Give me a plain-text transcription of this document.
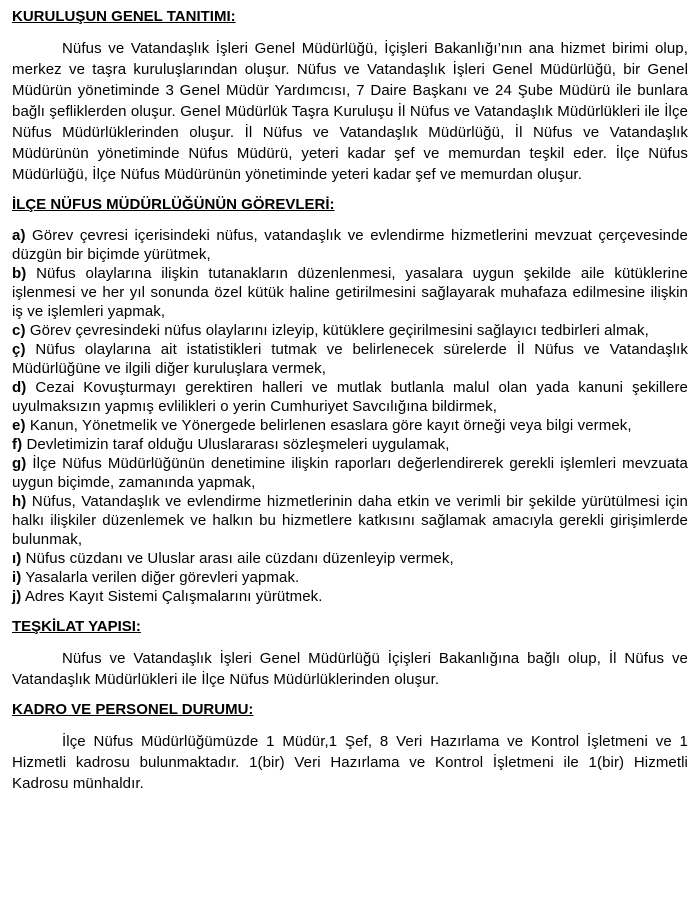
KURULUŞUN GENEL TANITIMI:

Nüfus ve Vatandaşlık İşleri Genel Müdürlüğü, İçişleri Bakanlığı’nın ana hizmet birimi olup, merkez ve taşra kuruluşlarından oluşur. Nüfus ve Vatandaşlık İşleri Genel Müdürlüğü, bir Genel Müdürün yönetiminde 3 Genel Müdür Yardımcısı, 7 Daire Başkanı ve 24 Şube Müdürü ile bunlara bağlı şefliklerden oluşur. Genel Müdürlük Taşra Kuruluşu İl Nüfus ve Vatandaşlık Müdürlükleri ile İlçe Nüfus Müdürlüklerinden oluşur. İl Nüfus ve Vatandaşlık Müdürlüğü, İl Nüfus ve Vatandaşlık Müdürünün yönetiminde Nüfus Müdürü, yeteri kadar şef ve memurdan teşkil eder. İlçe Nüfus Müdürlüğü, İlçe Nüfus Müdürünün yönetiminde yeteri kadar şef ve memurdan oluşur.

İLÇE NÜFUS MÜDÜRLÜĞÜNÜN GÖREVLERİ:

a) Görev çevresi içerisindeki nüfus, vatandaşlık ve evlendirme hizmetlerini mevzuat çerçevesinde düzgün bir biçimde yürütmek,

b) Nüfus olaylarına ilişkin tutanakların düzenlenmesi, yasalara uygun şekilde aile kütüklerine işlenmesi ve her yıl sonunda özel kütük haline getirilmesini sağlayarak muhafaza edilmesine ilişkin iş ve işlemleri yapmak,

c) Görev çevresindeki nüfus olaylarını izleyip, kütüklere geçirilmesini sağlayıcı tedbirleri almak,

ç) Nüfus olaylarına ait istatistikleri tutmak ve belirlenecek sürelerde İl Nüfus ve Vatandaşlık Müdürlüğüne ve ilgili diğer kuruluşlara vermek,

d) Cezai Kovuşturmayı gerektiren halleri ve mutlak butlanla malul olan yada kanuni şekillere uyulmaksızın yapmış evlilikleri o yerin Cumhuriyet Savcılığına bildirmek,

e) Kanun, Yönetmelik ve Yönergede belirlenen esaslara göre kayıt örneği veya bilgi vermek,

f) Devletimizin taraf olduğu Uluslararası sözleşmeleri uygulamak,

g) İlçe Nüfus Müdürlüğünün denetimine ilişkin raporları değerlendirerek gerekli işlemleri mevzuata uygun biçimde, zamanında yapmak,

h) Nüfus, Vatandaşlık ve evlendirme hizmetlerinin daha etkin ve verimli bir şekilde yürütülmesi için halkı ilişkiler düzenlemek ve halkın bu hizmetlere katkısını sağlamak amacıyla gerekli girişimlerde bulunmak,

ı) Nüfus cüzdanı ve Uluslar arası aile cüzdanı düzenleyip vermek,

i) Yasalarla verilen diğer görevleri yapmak.

j) Adres Kayıt Sistemi Çalışmalarını yürütmek.

TEŞKİLAT YAPISI:

Nüfus ve Vatandaşlık İşleri Genel Müdürlüğü İçişleri Bakanlığına bağlı olup, İl Nüfus ve Vatandaşlık Müdürlükleri ile İlçe Nüfus Müdürlüklerinden oluşur.

KADRO VE PERSONEL DURUMU:

İlçe Nüfus Müdürlüğümüzde 1 Müdür,1 Şef, 8 Veri Hazırlama ve Kontrol İşletmeni ve 1 Hizmetli kadrosu bulunmaktadır. 1(bir) Veri Hazırlama ve Kontrol İşletmeni ile 1(bir) Hizmetli Kadrosu münhaldır.
